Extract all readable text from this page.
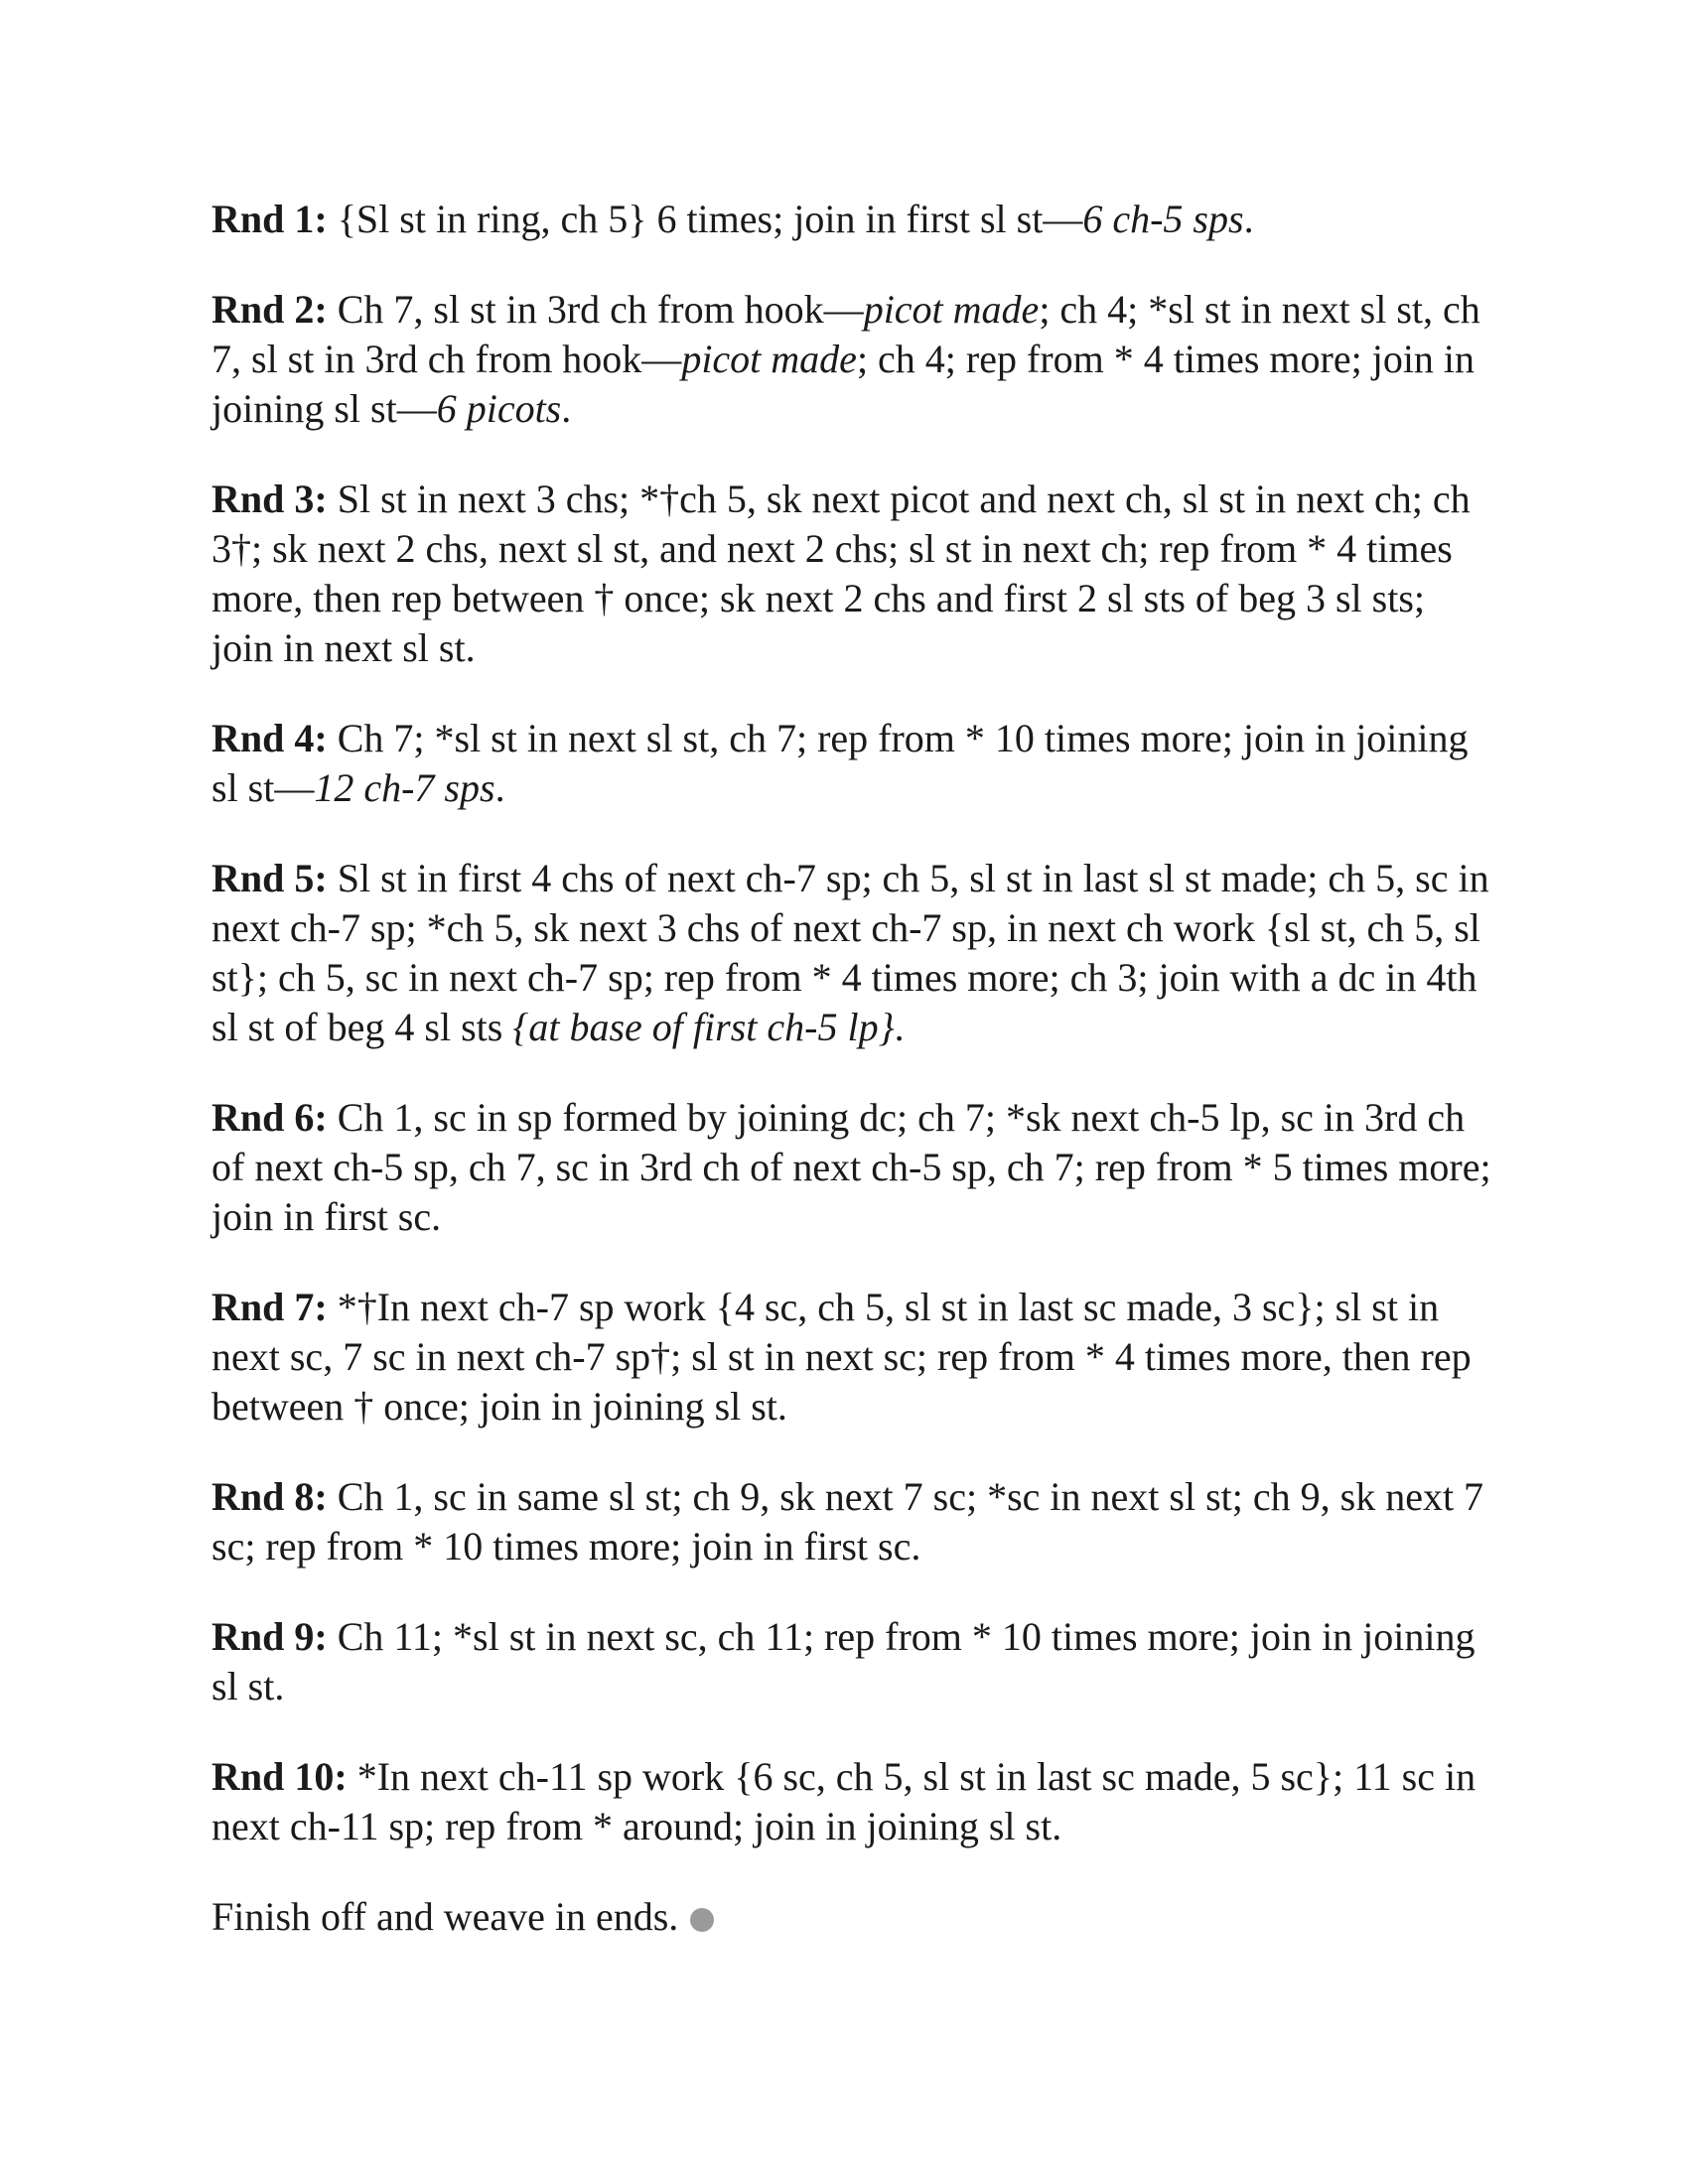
Rnd 1: {Sl st in ring, ch 5} 6 times; join in first sl st—6 ch-5 sps.

Rnd 2: Ch 7, sl st in 3rd ch from hook—picot made; ch 4; *sl st in next sl st, ch 7, sl st in 3rd ch from hook—picot made; ch 4; rep from * 4 times more; join in joining sl st—6 picots.

Rnd 3: Sl st in next 3 chs; *†ch 5, sk next picot and next ch, sl st in next ch; ch 3†; sk next 2 chs, next sl st, and next 2 chs; sl st in next ch; rep from * 4 times more, then rep between † once; sk next 2 chs and first 2 sl sts of beg 3 sl sts; join in next sl st.

Rnd 4: Ch 7; *sl st in next sl st, ch 7; rep from * 10 times more; join in joining sl st—12 ch-7 sps.

Rnd 5: Sl st in first 4 chs of next ch-7 sp; ch 5, sl st in last sl st made; ch 5, sc in next ch-7 sp; *ch 5, sk next 3 chs of next ch-7 sp, in next ch work {sl st, ch 5, sl st}; ch 5, sc in next ch-7 sp; rep from * 4 times more; ch 3; join with a dc in 4th sl st of beg 4 sl sts {at base of first ch-5 lp}.

Rnd 6: Ch 1, sc in sp formed by joining dc; ch 7; *sk next ch-5 lp, sc in 3rd ch of next ch-5 sp, ch 7, sc in 3rd ch of next ch-5 sp, ch 7; rep from * 5 times more; join in first sc.

Rnd 7: *†In next ch-7 sp work {4 sc, ch 5, sl st in last sc made, 3 sc}; sl st in next sc, 7 sc in next ch-7 sp†; sl st in next sc; rep from * 4 times more, then rep between † once; join in joining sl st.

Rnd 8: Ch 1, sc in same sl st; ch 9, sk next 7 sc; *sc in next sl st; ch 9, sk next 7 sc; rep from * 10 times more; join in first sc.

Rnd 9: Ch 11; *sl st in next sc, ch 11; rep from * 10 times more; join in joining sl st.

Rnd 10: *In next ch-11 sp work {6 sc, ch 5, sl st in last sc made, 5 sc}; 11 sc in next ch-11 sp; rep from * around; join in joining sl st.

Finish off and weave in ends.
